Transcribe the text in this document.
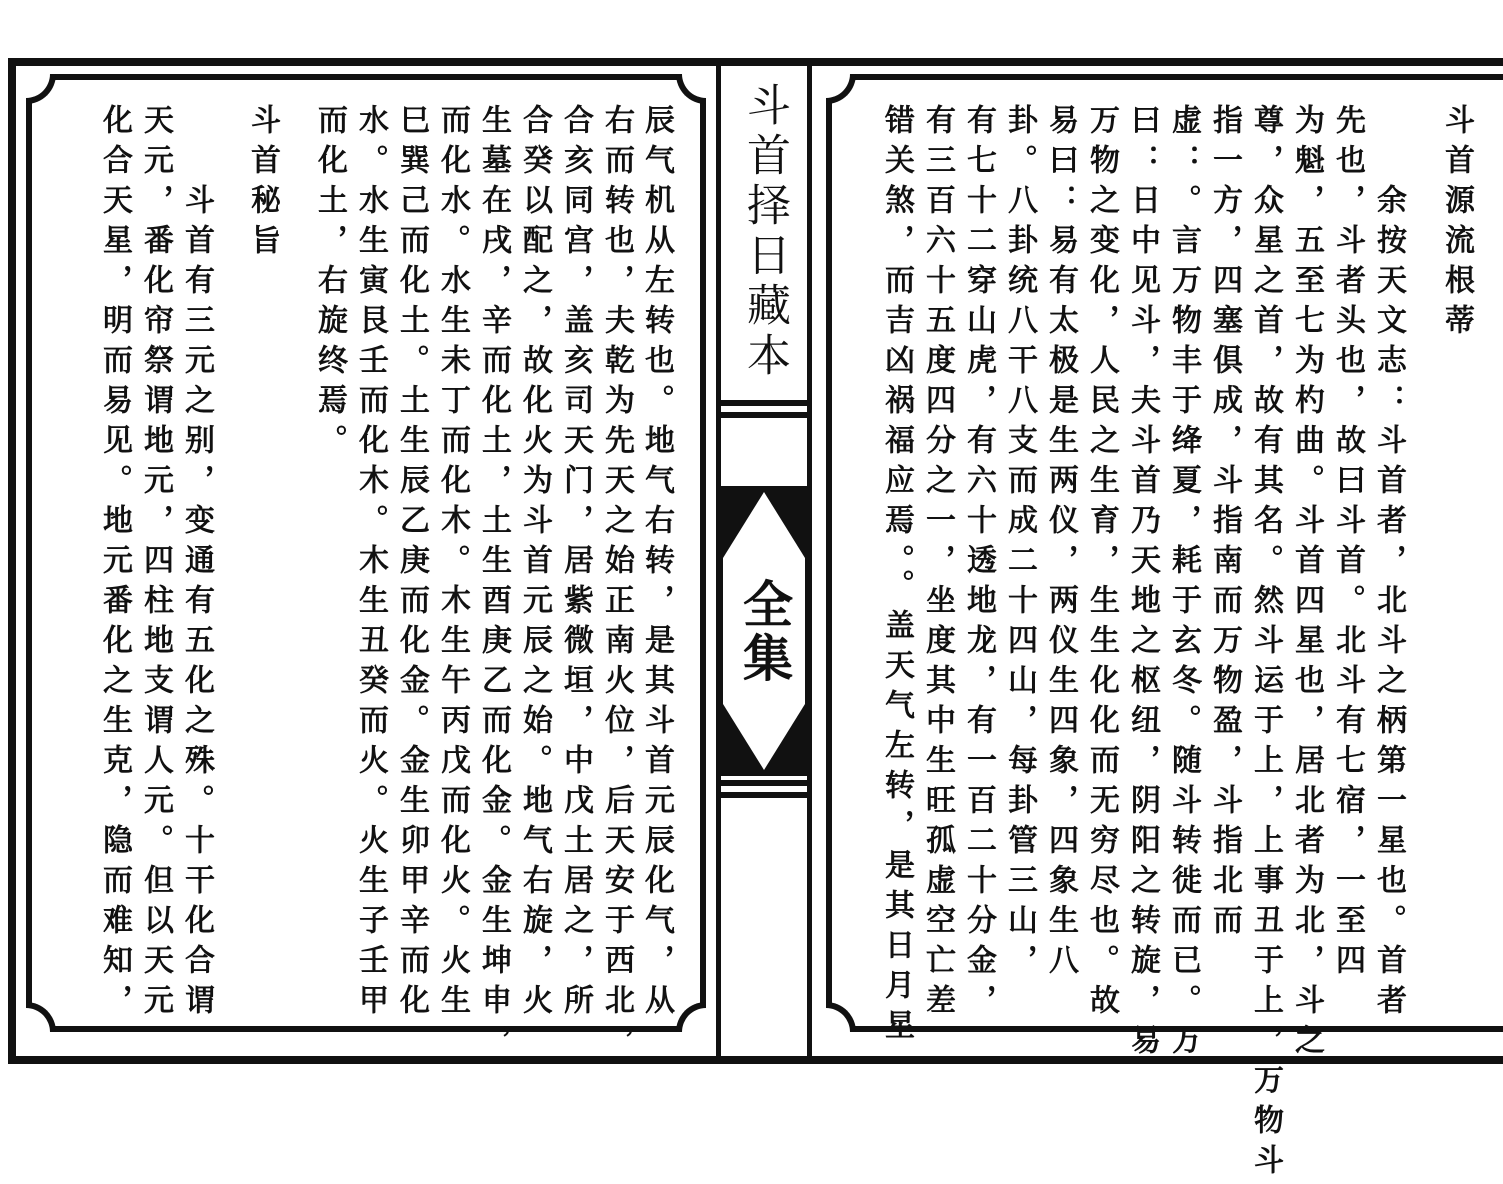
斗首择日藏本
全集
辰气机从左转也。地气右转，是其斗首元辰化气，从
右而转也，夫乾为先天之始正南火位，后天安于西北，
合亥同宫，盖亥司天门，居紫微垣，中戊土居之，所
合癸以配之，故化火为斗首元辰之始。地气右旋，火
生墓在戌，辛而化土，土生酉庚乙而化金。金生坤申，
而化水。水生未丁而化木。木生午丙戊而化火。火生
巳巽己而化土。土生辰乙庚而化金。金生卯甲辛而化
水。水生寅艮壬而化木。木生丑癸而火。火生子壬甲
而化土，右旋终焉。
斗首秘旨
斗首有三元之别，变通有五化之殊。十干化合谓
天元，番化帘祭谓地元，四柱地支谓人元。但以天元
化合天星，明而易见。地元番化之生克，隐而难知，	斗首源流根蒂
余按天文志：斗首者，北斗之柄第一星也。首者
先也，斗者头也，故曰斗首。北斗有七宿，一至四
为魁，五至七为杓曲。斗首四星也，居北者为北，斗之
尊，众星之首，故有其名。然斗运于上，上事丑于上，万物斗
指一方，四塞俱成，斗指南而万物盈，斗指北而
虚：。言万物丰于绛夏，耗于玄冬。随斗转徙而已。万
曰：日中见斗，夫斗首乃天地之枢纽，阴阳之转旋，易
万物之变化，人民之生育，生生化化而无穷尽也。故
易曰：易有太极是生两仪，两仪生四象，四象生八
卦。八卦统八干八支而成二十四山，每卦管三山，
有七十二穿山虎，有六十透地龙，有一百二十分金，
有三百六十五度四分之一，坐度其中生旺孤虚空亡差
错关煞，而吉凶祸福应焉。。盖天气左转，是其日月星
